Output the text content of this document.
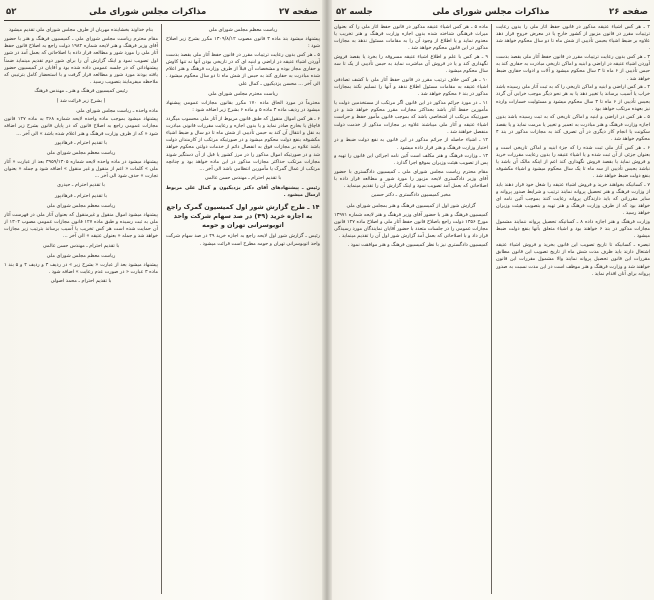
صفحه ۲۷
مذاکرات مجلس شورای ملی
۵۲

ریاست معظم مجلس شورای ملی

پیشنهاد میشود بند ماده ۳ قانون مصوب ۱۳۰۹/۸/۱۲ مکرر بشرح زیر اصلاح شود :

۵ ـ هر کس بدون رعایت ترتیبات مقرر در قانون حفظ آثار ملی بقصد بدست آوردن اشیاء عتیقه در اراضی و ابنیه ای که در تاریخی بودن آنها نه تنها کاوش و حفاری مجاز بوده و مشخصات آن قبلاً از طرف وزارت فرهنگ و هنر اعلام شده مبادرت به حفاری کند به حبس از شش ماه تا دو سال محکوم میشود . الی آخر ... محسن یزدیکیون ـ کمال علی

ریاست محترم مجلس شورای ملی

محترماً در مورد الحاق ماده ۱۷۰ مکرر بقانون مجازات عمومی پیشنهاد میشود در ردیف ماده ۳ ماده ۵ و ماده ۶ بشرح زیر اضافه شود :

۶ ـ هر کس اموال منقول که طبق قانون مربوط از آثار ملی محسوب میگردد قاچاق یا بخارج صادر نماید و یا بدون اجازه و رعایت مقررات قانونی مبادرت به نقل و انتقال آن کند به حبس تأدیبی از شش ماه تا دو سال و ضبط اشیاء مکشوفه بنفع دولت محکوم میشود و در صورتیکه مرتکب از کارمندان دولت باشد علاوه بر مجازات فوق به انفصال دائم از خدمات دولتی محکوم خواهد شد و در صورتیکه اموال مذکور را در مرز کشور یا قبل از آن دستگیر شوند مجازات مرتکب حداکثر مجازات مذکور در این ماده خواهد بود و چنانچه مرتکب از عمال گمرک یا مأمورین انتظامی باشد الی آخر ...

با تقدیم احترام ـ مهندس حسن عالمی

رئیس ـ پیشنهادهای آقای دکتر یزدیکیون و کمال علی مربوط ارسال میشود .

۱۴ ـ طرح گزارش شور اول کمیسیون گمرک راجع به اجازه خرید (۴۹) در صد سهام شرکت واحد اتوبوسرانی تهران و حومه

رئیس ـ گزارش شور اول لایحه راجع به اجازه خرید ۴۹ در صد سهام شرکت واحد اتوبوسرانی تهران و حومه مطرح است قرائت میشود .

بنام خداوند بخشاینده مهربان از طرف مجلس شورای ملی تقدیم میشود

مقام محترم ریاست مجلس شورای ملی ـ کمیسیون فرهنگ و هنر با حضور آقای وزیر فرهنگ و هنر لایحه شماره ۱۹۸۲ دولت راجع به اصلاح قانون حفظ آثار ملی را مورد شور و مطالعه قرار داده با اصلاحاتی که بعمل آمد در شور اول تصویب نمود و اینک گزارش آن را برای شور دوم تقدیم مینماید ضمناً پیشنهاداتی که در جلسه عمومی داده شده بود و آقایان در کمیسیون حضور یافته بودند مورد شور و مطالعه قرار گرفت و با استحضار کامل بترتیبی که ملاحظه میفرمایند بتصویب رسید .

رئیس کمیسیون فرهنگ و هنر ـ مهندس فرهنگ

( بشرح زیر قرائت شد )

ماده واحده ـ ریاست مجلس شورای ملی

پیشنهاد میشود بموجب ماده واحده لایحه شماره ۳۶۸ به ماده ۱۲۷ قانون مجازات عمومی راجع به اصلاح قانون که در پایان قانون بشرح زیر اضافه شود « که از ظرف وزارت فرهنگ و هنر اعلام شده باشد » الی آخر ...

با تقدیم احترام ـ فرهادپور

ریاست معظم مجلس شورای ملی

پیشنهاد میشود در ماده واحده لایحه شماره ۳۹۵۹/۱۳۰۵ بعد از عبارت « آثار ملی » کلمات « اعم از منقول و غیر منقول » اضافه شود و جمله « بعنوان تجارت » حذف شود الی آخر ...

با تقدیم احترام ـ حیدری

با تقدیم احترام ـ فرهادپور

ریاست معظم مجلس شورای ملی

پیشنهاد میشود اموال منقول و غیرمنقول که بعنوان آثار ملی در فهرست آثار ملی به ثبت رسیده و طبق ماده ۱۲۷ قانون مجازات عمومی مصوب ۱۳۰۴ از آن حمایت شده است هر کس تخریب یا آسیب برساند بترتیب زیر مجازات خواهد شد و جمله « بعنوان عتیقه » الی آخر ...

با تقدیم احترام ـ مهندس حسن عالمی

ریاست معظم مجلس شورای ملی

پیشنهاد میشود بعد از عبارت « بشرح زیر » در ردیف ۳ و ردیف ۴ و ۵ بند ۱ ماده ۳ عبارت « در صورت عدم رعایت » اضافه شود .

با تقدیم احترام ـ محمد اصولی

صفحه ۲۶
مذاکرات مجلس شورای ملی
جلسه ۵۲

۲ ـ هر کس اشیاء عتیقه مذکور در قانون حفظ آثار ملی را بدون رعایت ترتیبات مقرر در قانون مزبور از کشور خارج یا در معرض خروج قرار دهد علاوه بر ضبط اشیاء بحبس تأدیبی از شش ماه تا دو سال محکوم خواهد شد .

۳ ـ هر کس بدون رعایت ترتیبات مقرر در قانون حفظ آثار ملی بقصد بدست آوردن اشیاء عتیقه در اراضی و ابنیه و اماکن تاریخی مبادرت به حفاری کند به حبس تأدیبی از ۶ ماه تا ۳ سال محکوم میشود و آلات و ادوات حفاری ضبط خواهد شد .

۴ ـ هر کس اراضی و ابنیه و اماکن تاریخی را که به ثبت آثار ملی رسیده باشد خراب یا آسیب برساند یا تغییر دهد یا به هر نحو دیگر موجب خرابی آن گردد بحبس تأدیبی از ۶ ماه تا ۳ سال محکوم میشود و مسئولیت خسارات وارده نیز بعهده مرتکب خواهد بود .

۵ ـ هر کس در اراضی و ابنیه و اماکن تاریخی که به ثبت رسیده باشد بدون اجازه وزارت فرهنگ و هنر مبادرت به تعمیر و تغییر یا مرمت نماید و یا بقصد سکونت یا انجام کار دیگری در آن تصرف کند به مجازات مذکور در بند ۴ محکوم خواهد شد .

۶ ـ هر کس آثار ملی ثبت شده را که جزء ابنیه و اماکن تاریخی است و بعنوان جزئی از آن ثبت شده و یا اشیاء عتیقه را بدون رعایت مقررات خرید و فروش نماید یا بقصد فروش نگهداری کند اعم از اینکه مالک آن باشد یا نباشد بحبس تأدیبی از سه ماه تا یک سال محکوم میشود و اشیاء مکشوفه بنفع دولت ضبط خواهد شد .

۷ ـ کسانیکه بخواهند خرید و فروش اشیاء عتیقه را شغل خود قرار دهند باید از وزارت فرهنگ و هنر تحصیل پروانه نمایند ترتیب و شرایط صدور پروانه و سایر مقرراتی که باید دارندگان پروانه رعایت کنند بموجب آئین نامه ای خواهد بود که از طرف وزارت فرهنگ و هنر تهیه و بتصویب هیئت وزیران خواهد رسید .

وزارت فرهنگ و هنر اجازه داده ۸ ـ کسانیکه تحصیل پروانه ننمایند مشمول مجازات مذکور در بند ۶ خواهند بود و اشیاء متعلق بآنها بنفع دولت ضبط میشود .

تبصره ـ کسانیکه تا تاریخ تصویب این قانون بخرید و فروش اشیاء عتیقه اشتغال دارند باید ظرف مدت شش ماه از تاریخ تصویب این قانون مطابق مقررات این قانون تحصیل پروانه نمایند والا مشمول مقررات این قانون خواهند شد و وزارت فرهنگ و هنر موظف است در این مدت نسبت به صدور پروانه برای آنان اقدام نماید .

ماده ۵ ـ هر کس اشیاء عتیقه مذکور در قانون حفظ آثار ملی را که بعنوان میراث فرهنگی شناخته شده بدون اجازه وزارت فرهنگ و هنر تخریب یا معدوم نماید و یا اطلاع از وجود آن را به مقامات مسئول ندهد به مجازات مذکور در این قانون محکوم خواهد شد .

۹ ـ هر کس با علم و اطلاع اشیاء عتیقه مسروقه را بخرد یا بقصد فروش نگهداری کند و یا در فروش آن مباشرت نماید به حبس تأدیبی از یک تا سه سال محکوم میشود .

۱۰ ـ هر کس خلاف ترتیب مقرر در قانون حفظ آثار ملی با کشف تصادفی اشیاء عتیقه به مقامات مسئول اطلاع ندهد و آنها را تسلیم نکند بمجازات مذکور در بند ۶ محکوم خواهد شد .

۱۱ ـ در مورد جرائم مذکور در این قانون اگر مرتکب از مستخدمین دولت یا مأمورین حفظ آثار باشد بحداکثر مجازات مقرر محکوم خواهد شد و در صورتیکه مرتکب از اشخاصی باشد که بموجب قانون مأمور حفظ و حراست اشیاء عتیقه و آثار ملی میباشند علاوه بر مجازات مذکور از خدمت دولت منفصل خواهند شد .

۱۲ ـ اشیاء حاصله از جرائم مذکور در این قانون به نفع دولت ضبط و در اختیار وزارت فرهنگ و هنر قرار داده میشود .

۱۳ ـ وزارت فرهنگ و هنر مکلف است آئین نامه اجرائی این قانون را تهیه و پس از تصویب هیئت وزیران بموقع اجرا گذارد .

مقام محترم ریاست مجلس شورای ملی ـ کمیسیون دادگستری با حضور آقای وزیر دادگستری لایحه مزبور را مورد شور و مطالعه قرار داده با اصلاحاتی که بعمل آمد تصویب نمود و اینک گزارش آن را تقدیم مینماید .

مخبر کمیسیون دادگستری ـ دکتر حسین

گزارش شور اول از کمیسیون فرهنگ و هنر بمجلس شورای ملی

کمیسیون فرهنگ و هنر با حضور آقای وزیر فرهنگ و هنر لایحه شماره ۱۳۹۷۱ مورخ ۱۳۵۶ دولت راجع باصلاح قانون حفظ آثار ملی و اصلاح ماده ۱۲۷ قانون مجازات عمومی را در جلسات متعدد با حضور آقایان نمایندگان مورد رسیدگی قرار داد و با اصلاحاتی که بعمل آمد گزارش شور اول آن را تقدیم مینماید .

کمیسیون دادگستری نیز با نظر کمیسیون فرهنگ و هنر موافقت نمود .
